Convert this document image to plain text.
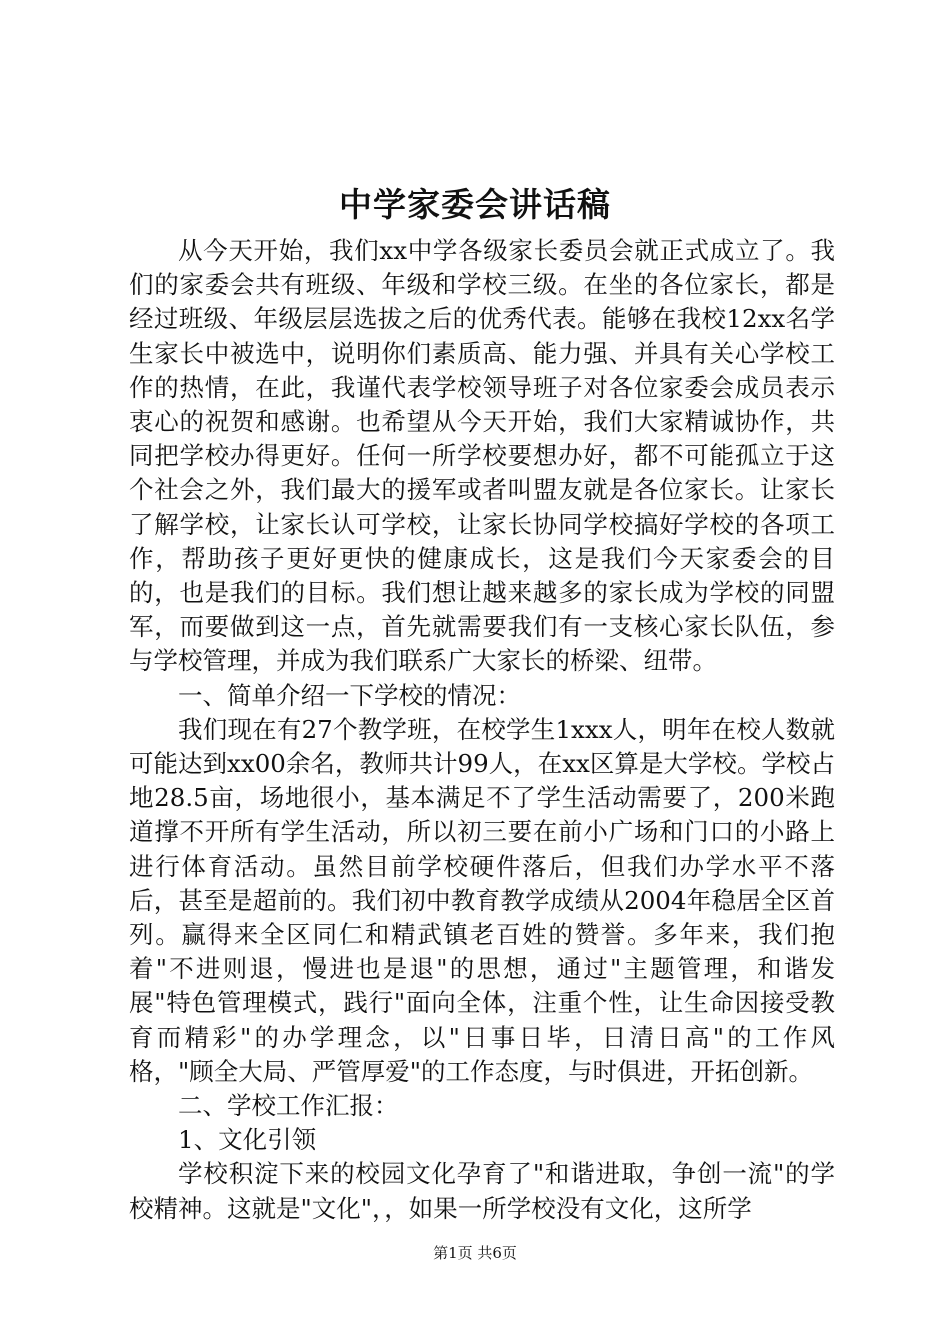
中学家委会讲话稿

从今天开始，我们xx中学各级家长委员会就正式成立了。我们的家委会共有班级、年级和学校三级。在坐的各位家长，都是经过班级、年级层层选拔之后的优秀代表。能够在我校12xx名学生家长中被选中，说明你们素质高、能力强、并具有关心学校工作的热情，在此，我谨代表学校领导班子对各位家委会成员表示衷心的祝贺和感谢。也希望从今天开始，我们大家精诚协作，共同把学校办得更好。任何一所学校要想办好，都不可能孤立于这个社会之外，我们最大的援军或者叫盟友就是各位家长。让家长了解学校，让家长认可学校，让家长协同学校搞好学校的各项工作，帮助孩子更好更快的健康成长，这是我们今天家委会的目的，也是我们的目标。我们想让越来越多的家长成为学校的同盟军，而要做到这一点，首先就需要我们有一支核心家长队伍，参与学校管理，并成为我们联系广大家长的桥梁、纽带。

一、简单介绍一下学校的情况：

我们现在有27个教学班，在校学生1xxx人，明年在校人数就可能达到xx00余名，教师共计99人，在xx区算是大学校。学校占地28.5亩，场地很小，基本满足不了学生活动需要了，200米跑道撑不开所有学生活动，所以初三要在前小广场和门口的小路上进行体育活动。虽然目前学校硬件落后，但我们办学水平不落后，甚至是超前的。我们初中教育教学成绩从2004年稳居全区首列。赢得来全区同仁和精武镇老百姓的赞誉。多年来，我们抱着"不进则退，慢进也是退"的思想，通过"主题管理，和谐发展"特色管理模式，践行"面向全体，注重个性，让生命因接受教育而精彩"的办学理念，以"日事日毕，日清日高"的工作风格，"顾全大局、严管厚爱"的工作态度，与时俱进，开拓创新。

二、学校工作汇报：

1、文化引领

学校积淀下来的校园文化孕育了"和谐进取，争创一流"的学校精神。这就是"文化"，，如果一所学校没有文化，这所学

第1页 共6页
